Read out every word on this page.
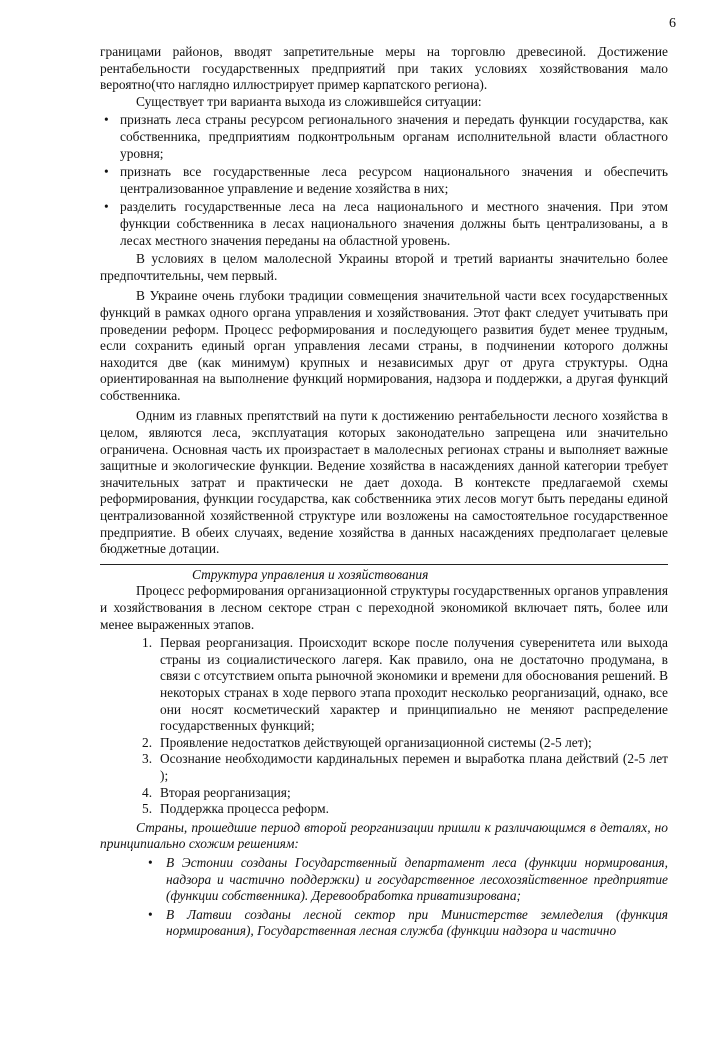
6

границами районов, вводят запретительные меры на торговлю древесиной. Достижение рентабельности государственных предприятий при таких условиях хозяйствования мало вероятно(что наглядно иллюстрирует пример карпатского региона).

Существует три варианта выхода из сложившейся ситуации:

• признать леса страны ресурсом регионального значения и передать функции государства, как собственника, предприятиям подконтрольным органам исполнительной власти областного уровня;
• признать все государственные леса ресурсом национального значения и обеспечить централизованное управление и ведение хозяйства в них;
• разделить государственные леса на леса национального и местного значения. При этом функции собственника в лесах национального значения должны быть централизованы, а в лесах местного значения переданы на областной уровень.

В условиях в целом малолесной Украины второй и третий варианты значительно более предпочтительны, чем первый.

В Украине очень глубоки традиции совмещения значительной части всех государственных функций в рамках одного органа управления и хозяйствования. Этот факт следует учитывать при проведении реформ. Процесс реформирования и последующего развития будет менее трудным, если сохранить единый орган управления лесами страны, в подчинении которого должны находится две (как минимум) крупных и независимых друг от друга структуры. Одна ориентированная на выполнение функций нормирования, надзора и поддержки, а другая функций собственника.

Одним из главных препятствий на пути к достижению рентабельности лесного хозяйства в целом, являются леса, эксплуатация которых законодательно запрещена или значительно ограничена. Основная часть их произрастает в малолесных регионах страны и выполняет важные защитные и экологические функции. Ведение хозяйства в насаждениях данной категории требует значительных затрат и практически не дает дохода. В контексте предлагаемой схемы реформирования, функции государства, как собственника этих лесов могут быть переданы единой централизованной хозяйственной структуре или возложены на самостоятельное государственное предприятие. В обеих случаях, ведение хозяйства в данных насаждениях предполагает целевые бюджетные дотации.

Структура управления и хозяйствования

Процесс реформирования организационной структуры государственных органов управления и хозяйствования в лесном секторе стран с переходной экономикой включает пять, более или менее выраженных этапов.

1. Первая реорганизация. Происходит вскоре после получения суверенитета или выхода страны из социалистического лагеря. Как правило, она не достаточно продумана, в связи с отсутствием опыта рыночной экономики и времени для обоснования решений. В некоторых странах в ходе первого этапа проходит несколько реорганизаций, однако, все они носят косметический характер и принципиально не меняют распределение государственных функций;
2. Проявление недостатков действующей организационной системы (2-5 лет);
3. Осознание необходимости кардинальных перемен и выработка плана действий (2-5 лет );
4. Вторая реорганизация;
5. Поддержка процесса реформ.

Страны, прошедшие период второй реорганизации пришли к различающимся в деталях, но принципиально схожим решениям:

• В Эстонии созданы Государственный департамент леса (функции нормирования, надзора и частично поддержки) и государственное лесохозяйственное предприятие (функции собственника). Деревообработка приватизирована;
• В Латвии созданы лесной сектор при Министерстве земледелия (функция нормирования), Государственная лесная служба (функции надзора и частично
